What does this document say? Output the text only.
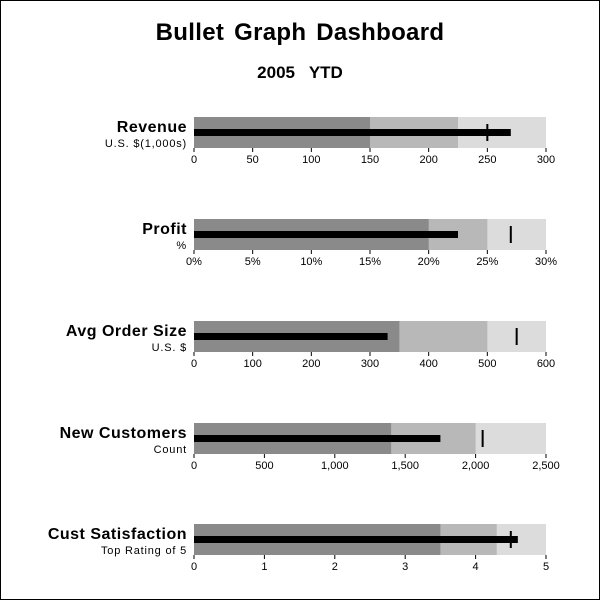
Bullet Graph Dashboard
2005   YTD
0	50	100	150	200	250	300
Revenue
U.S. $(1,000s)
0%	5%	10%	15%	20%	25%	30%
Profit
%
0	100	200	300	400	500	600
Avg Order Size
U.S. $
0	500	1,000	1,500	2,000	2,500
New Customers
Count
0	1	2	3	4	5
Cust Satisfaction
Top Rating of 5
